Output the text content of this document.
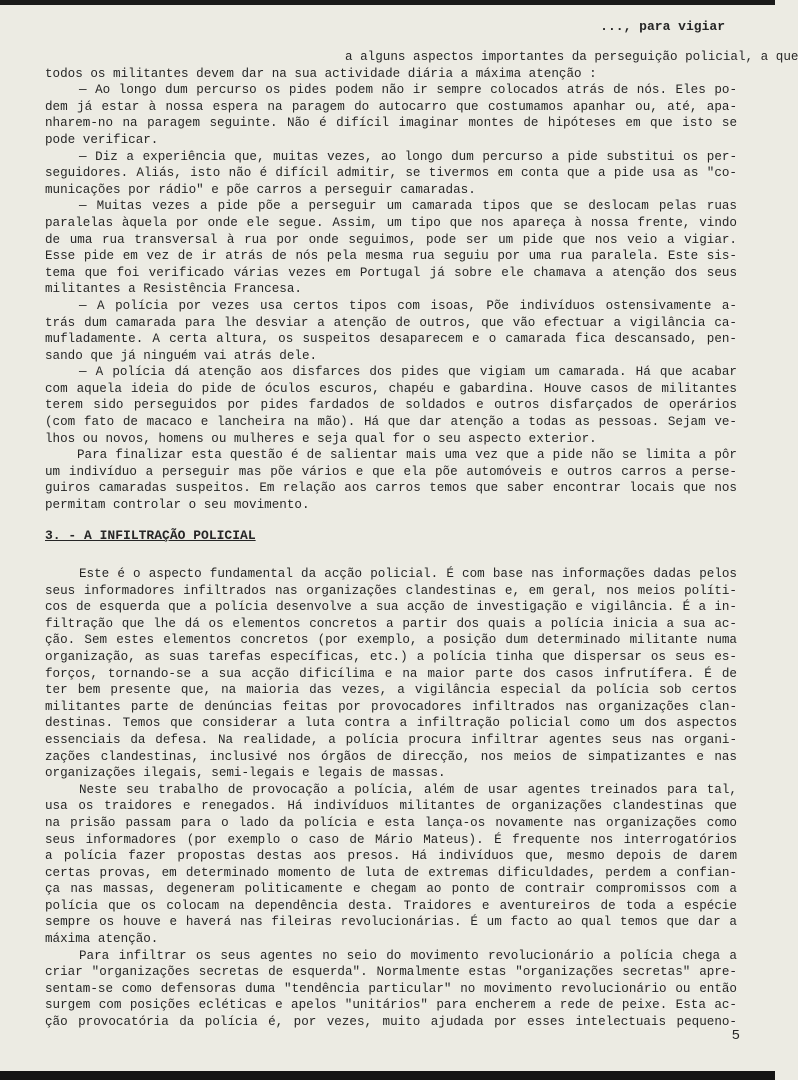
..., para vigiar
a alguns aspectos importantes da perseguição policial, a que
todos os militantes devem dar na sua actividade diária a máxima atenção :
— Ao longo dum percurso os pides podem não ir sempre colocados atrás de nós. Eles po-
dem já estar à nossa espera na paragem do autocarro que costumamos apanhar ou, até, apa-
nharem-no na paragem seguinte. Não é difícil imaginar montes de hipóteses em que isto se
pode verificar.
— Diz a experiência que, muitas vezes, ao longo dum percurso a pide substitui os per-
seguidores. Aliás, isto não é difícil admitir, se tivermos em conta que a pide usa as "co-
municações por rádio" e põe carros a perseguir camaradas.
— Muitas vezes a pide põe a perseguir um camarada tipos que se deslocam pelas ruas
paralelas àquela por onde ele segue. Assim, um tipo que nos apareça à nossa frente, vindo
de uma rua transversal à rua por onde seguimos, pode ser um pide que nos veio a vigiar.
Esse pide em vez de ir atrás de nós pela mesma rua seguiu por uma rua paralela. Este sis-
tema que foi verificado várias vezes em Portugal já sobre ele chamava a atenção dos seus
militantes a Resistência Francesa.
— A polícia por vezes usa certos tipos com isoas, Põe indivíduos ostensivamente a-
trás dum camarada para lhe desviar a atenção de outros, que vão efectuar a vigilância ca-
mufladamente. A certa altura, os suspeitos desaparecem e o camarada fica descansado, pen-
sando que já ninguém vai atrás dele.
— A polícia dá atenção aos disfarces dos pides que vigiam um camarada. Há que acabar
com aquela ideia do pide de óculos escuros, chapéu e gabardina. Houve casos de militantes
terem sido perseguidos por pides fardados de soldados e outros disfarçados de operários
(com fato de macaco e lancheira na mão). Há que dar atenção a todas as pessoas. Sejam ve-
lhos ou novos, homens ou mulheres e seja qual for o seu aspecto exterior.
Para finalizar esta questão é de salientar mais uma vez que a pide não se limita a pôr
um indivíduo a perseguir mas põe vários e que ela põe automóveis e outros carros a perse-
guiros camaradas suspeitos. Em relação aos carros temos que saber encontrar locais que nos
permitam controlar o seu movimento.
3. - A INFILTRAÇÃO POLICIAL
Este é o aspecto fundamental da acção policial. É com base nas informações dadas pelos
seus informadores infiltrados nas organizações clandestinas e, em geral, nos meios políti-
cos de esquerda que a polícia desenvolve a sua acção de investigação e vigilância. É a in-
filtração que lhe dá os elementos concretos a partir dos quais a polícia inicia a sua ac-
ção. Sem estes elementos concretos (por exemplo, a posição dum determinado militante numa
organização, as suas tarefas específicas, etc.) a polícia tinha que dispersar os seus es-
forços, tornando-se a sua acção dificílima e na maior parte dos casos infrutífera. É de
ter bem presente que, na maioria das vezes, a vigilância especial da polícia sob certos
militantes parte de denúncias feitas por provocadores infiltrados nas organizações clan-
destinas. Temos que considerar a luta contra a infiltração policial como um dos aspectos
essenciais da defesa. Na realidade, a polícia procura infiltrar agentes seus nas organi-
zações clandestinas, inclusivé nos órgãos de direcção, nos meios de simpatizantes e nas
organizações ilegais, semi-legais e legais de massas.
Neste seu trabalho de provocação a polícia, além de usar agentes treinados para tal,
usa os traidores e renegados. Há indivíduos militantes de organizações clandestinas que
na prisão passam para o lado da polícia e esta lança-os novamente nas organizações como
seus informadores (por exemplo o caso de Mário Mateus). É frequente nos interrogatórios
a polícia fazer propostas destas aos presos. Há indivíduos que, mesmo depois de darem
certas provas, em determinado momento de luta de extremas dificuldades, perdem a confian-
ça nas massas, degeneram politicamente e chegam ao ponto de contrair compromissos com a
polícia que os colocam na dependência desta. Traidores e aventureiros de toda a espécie
sempre os houve e haverá nas fileiras revolucionárias. É um facto ao qual temos que dar a
máxima atenção.
Para infiltrar os seus agentes no seio do movimento revolucionário a polícia chega a
criar "organizações secretas de esquerda". Normalmente estas "organizações secretas" apre-
sentam-se como defensoras duma "tendência particular" no movimento revolucionário ou então
surgem com posições ecléticas e apelos "unitários" para encherem a rede de peixe. Esta ac-
ção provocatória da polícia é, por vezes, muito ajudada por esses intelectuais pequeno-
5
